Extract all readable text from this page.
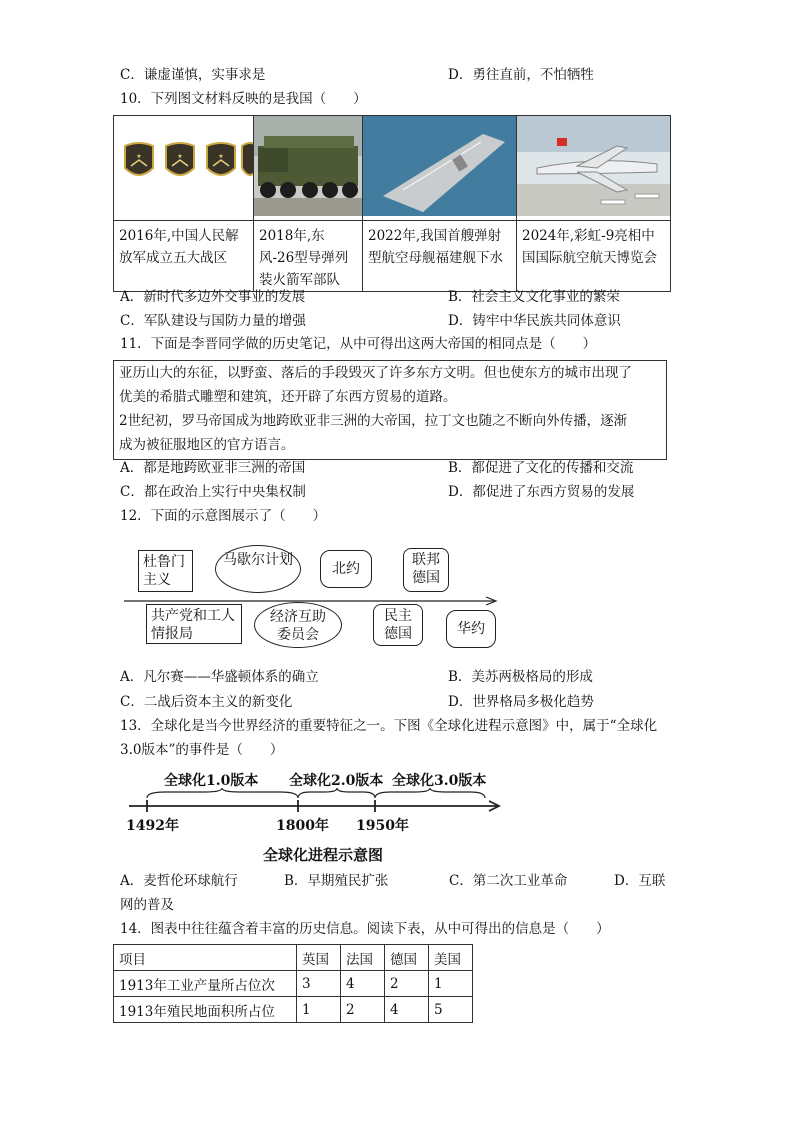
C．谦虚谨慎，实事求是	D．勇往直前，不怕牺牲
10．下列图文材料反映的是我国（　　）
★ ★ ★

2016年,中国人民解放军成立五大战区	2018年,东风-26型导弹列装火箭军部队	2022年,我国首艘弹射型航空母舰福建舰下水	2024年,彩虹-9亮相中国国际航空航天博览会
A．新时代多边外交事业的发展	B．社会主义文化事业的繁荣
C．军队建设与国防力量的增强	D．铸牢中华民族共同体意识
11．下面是李晋同学做的历史笔记，从中可得出这两大帝国的相同点是（　　）
亚历山大的东征，以野蛮、落后的手段毁灭了许多东方文明。但也使东方的城市出现了
优美的希腊式雕塑和建筑，还开辟了东西方贸易的道路。
2世纪初，罗马帝国成为地跨欧亚非三洲的大帝国，拉丁文也随之不断向外传播，逐渐
成为被征服地区的官方语言。
A．都是地跨欧亚非三洲的帝国	B．都促进了文化的传播和交流
C．都在政治上实行中央集权制	D．都促进了东西方贸易的发展
12．下面的示意图展示了（　　）
杜鲁门主义
马歇尔计划
北约
联邦德国
共产党和工人情报局
经济互助委员会
民主德国	华约
A．凡尔赛——华盛顿体系的确立	B．美苏两极格局的形成
C．二战后资本主义的新变化	D．世界格局多极化趋势
13．全球化是当今世界经济的重要特征之一。下图《全球化进程示意图》中，属于“全球化
3.0版本”的事件是（　　）
全球化1.0版本 全球化2.0版本 全球化3.0版本
1492年	1800年 1950年
全球化进程示意图
A．麦哲伦环球航行	B．早期殖民扩张	C．第二次工业革命	D．互联
网的普及
14．图表中往往蕴含着丰富的历史信息。阅读下表，从中可得出的信息是（　　）
项目	英国	法国	德国	美国
1913年工业产量所占位次	3	4	2	1
1913年殖民地面积所占位	1	2	4	5
